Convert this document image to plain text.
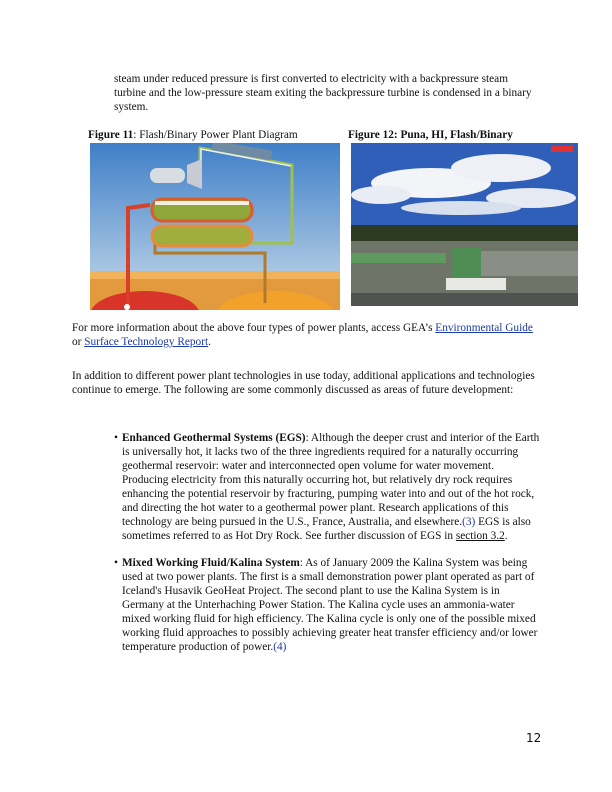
steam under reduced pressure is first converted to electricity with a backpressure steam turbine and the low-pressure steam exiting the backpressure turbine is condensed in a binary system.

Figure 11: Flash/Binary Power Plant Diagram	Figure 12: Puna, HI, Flash/Binary

For more information about the above four types of power plants, access GEA’s Environmental Guide or Surface Technology Report.

In addition to different power plant technologies in use today, additional applications and technologies continue to emerge. The following are some commonly discussed as areas of future development:

• Enhanced Geothermal Systems (EGS): Although the deeper crust and interior of the Earth is universally hot, it lacks two of the three ingredients required for a naturally occurring geothermal reservoir: water and interconnected open volume for water movement. Producing electricity from this naturally occurring hot, but relatively dry rock requires enhancing the potential reservoir by fracturing, pumping water into and out of the hot rock, and directing the hot water to a geothermal power plant. Research applications of this technology are being pursued in the U.S., France, Australia, and elsewhere.(3) EGS is also sometimes referred to as Hot Dry Rock. See further discussion of EGS in section 3.2.
• Mixed Working Fluid/Kalina System: As of January 2009 the Kalina System was being used at two power plants. The first is a small demonstration power plant operated as part of Iceland's Husavik GeoHeat Project. The second plant to use the Kalina System is in Germany at the Unterhaching Power Station. The Kalina cycle uses an ammonia-water mixed working fluid for high efficiency. The Kalina cycle is only one of the possible mixed working fluid approaches to possibly achieving greater heat transfer efficiency and/or lower temperature production of power.(4)
12
